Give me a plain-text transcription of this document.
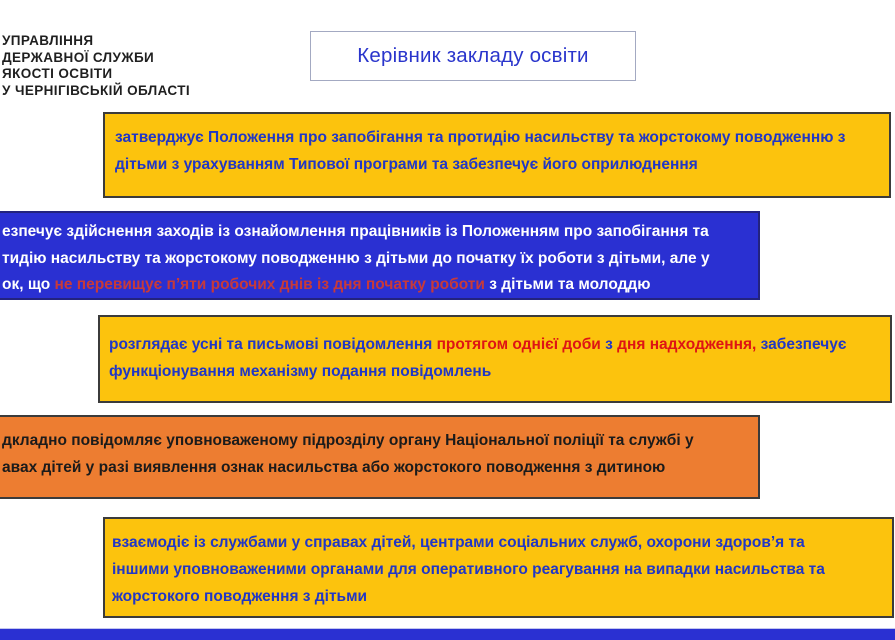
УПРАВЛІННЯ
ДЕРЖАВНОЇ СЛУЖБИ
ЯКОСТІ ОСВІТИ
У ЧЕРНІГІВСЬКІЙ ОБЛАСТІ
Керівник закладу освіти
затверджує Положення про запобігання та протидію насильству та жорстокому поводженню з
дітьми з урахуванням Типової програми та забезпечує його оприлюднення
езпечує здійснення заходів із ознайомлення працівників із Положенням про запобігання та
тидію насильству та жорстокому поводженню з дітьми до початку їх роботи з дітьми, але у
ок, що не перевищує п’яти робочих днів із дня початку роботи з дітьми та молоддю
розглядає усні та письмові повідомлення протягом однієї доби з дня надходження, забезпечує
функціонування механізму подання повідомлень
дкладно повідомляє уповноваженому підрозділу органу Національної поліції та службі у
авах дітей у разі виявлення ознак насильства або жорстокого поводження з дитиною
взаємодіє із службами у справах дітей, центрами соціальних служб, охорони здоров’я та
іншими уповноваженими органами для оперативного реагування на випадки насильства та
жорстокого поводження з дітьми
